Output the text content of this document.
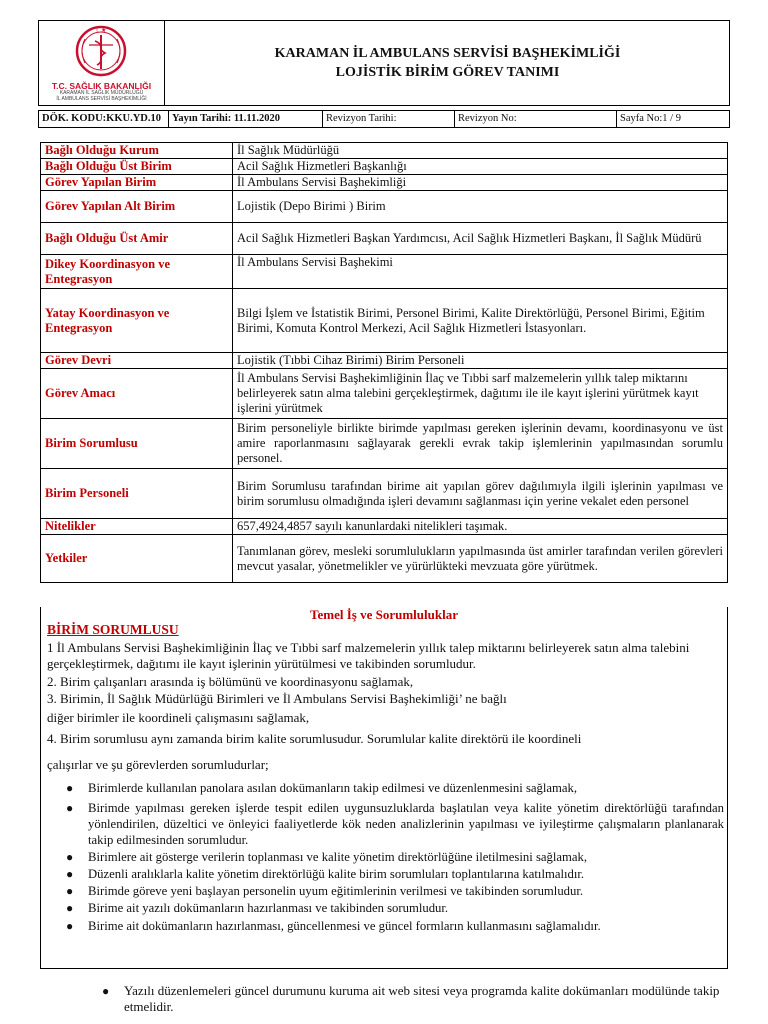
☾★
T.C. SAĞLIK BAKANLIĞI
KARAMAN İL SAĞLIK MÜDÜRLÜĞÜ
İL AMBULANS SERVİSİ BAŞHEKİMLİĞİ
KARAMAN İL AMBULANS SERVİSİ BAŞHEKİMLİĞİ
LOJİSTİK BİRİM GÖREV TANIMI
DÖK. KODU:KKU.YD.10	Yayın Tarihi: 11.11.2020	Revizyon Tarihi:	Revizyon No:	Sayfa No:1 / 9
Bağlı Olduğu Kurum	İl Sağlık Müdürlüğü
Bağlı Olduğu Üst Birim	Acil Sağlık Hizmetleri Başkanlığı
Görev Yapılan Birim	İl Ambulans Servisi Başhekimliği
Görev Yapılan Alt Birim	Lojistik (Depo Birimi ) Birim
Bağlı Olduğu Üst Amir	Acil Sağlık Hizmetleri Başkan Yardımcısı, Acil Sağlık Hizmetleri Başkanı, İl Sağlık Müdürü
Dikey Koordinasyon ve Entegrasyon	İl Ambulans Servisi Başhekimi
Yatay Koordinasyon ve Entegrasyon	Bilgi İşlem ve İstatistik Birimi, Personel Birimi, Kalite Direktörlüğü, Personel Birimi, Eğitim Birimi, Komuta Kontrol Merkezi, Acil Sağlık Hizmetleri İstasyonları.
Görev Devri	Lojistik (Tıbbi Cihaz Birimi) Birim Personeli
Görev Amacı	İl Ambulans Servisi Başhekimliğinin İlaç ve Tıbbi sarf malzemelerin yıllık talep miktarını belirleyerek satın alma talebini gerçekleştirmek, dağıtımı ile ile kayıt işlerini yürütmek kayıt işlerini yürütmek
Birim Sorumlusu	Birim personeliyle birlikte birimde yapılması gereken işlerinin devamı, koordinasyonu ve üst amire raporlanmasını sağlayarak gerekli evrak takip işlemlerinin yapılmasından sorumlu personel.
Birim Personeli	Birim Sorumlusu tarafından birime ait yapılan görev dağılımıyla ilgili işlerinin yapılması ve birim sorumlusu olmadığında işleri devamını sağlanması için yerine vekalet eden personel
Nitelikler	657,4924,4857 sayılı kanunlardaki nitelikleri taşımak.
Yetkiler	Tanımlanan görev, mesleki sorumlulukların yapılmasında üst amirler tarafından verilen görevleri mevcut yasalar, yönetmelikler ve yürürlükteki mevzuata göre yürütmek.
Temel İş ve Sorumluluklar
BİRİM SORUMLUSU
1 İl Ambulans Servisi Başhekimliğinin İlaç ve Tıbbi sarf malzemelerin yıllık talep miktarını belirleyerek satın alma talebini gerçekleştirmek, dağıtımı ile kayıt işlerinin yürütülmesi ve takibinden sorumludur.
2. Birim çalışanları arasında iş bölümünü ve koordinasyonu sağlamak,
3. Birimin, İl Sağlık Müdürlüğü Birimleri ve İl Ambulans Servisi Başhekimliği’ ne bağlı
diğer birimler ile koordineli çalışmasını sağlamak,
4. Birim sorumlusu aynı zamanda birim kalite sorumlusudur. Sorumlular kalite direktörü ile koordineli
çalışırlar ve şu görevlerden sorumludurlar;
● Birimlerde kullanılan panolara asılan dokümanların takip edilmesi ve düzenlenmesini sağlamak,
● Birimde yapılması gereken işlerde tespit edilen uygunsuzluklarda başlatılan veya kalite yönetim direktörlüğü tarafından yönlendirilen, düzeltici ve önleyici faaliyetlerde kök neden analizlerinin yapılması ve iyileştirme çalışmaların planlanarak takip edilmesinden sorumludur.
● Birimlere ait gösterge verilerin toplanması ve kalite yönetim direktörlüğüne iletilmesini sağlamak,
● Düzenli aralıklarla kalite yönetim direktörlüğü kalite birim sorumluları toplantılarına katılmalıdır.
● Birimde göreve yeni başlayan personelin uyum eğitimlerinin verilmesi ve takibinden sorumludur.
● Birime ait yazılı dokümanların hazırlanması ve takibinden sorumludur.
● Birime ait dokümanların hazırlanması, güncellenmesi ve güncel formların kullanmasını sağlamalıdır.
● Yazılı düzenlemeleri güncel durumunu kuruma ait web sitesi veya programda kalite dokümanları modülünde takip etmelidir.
